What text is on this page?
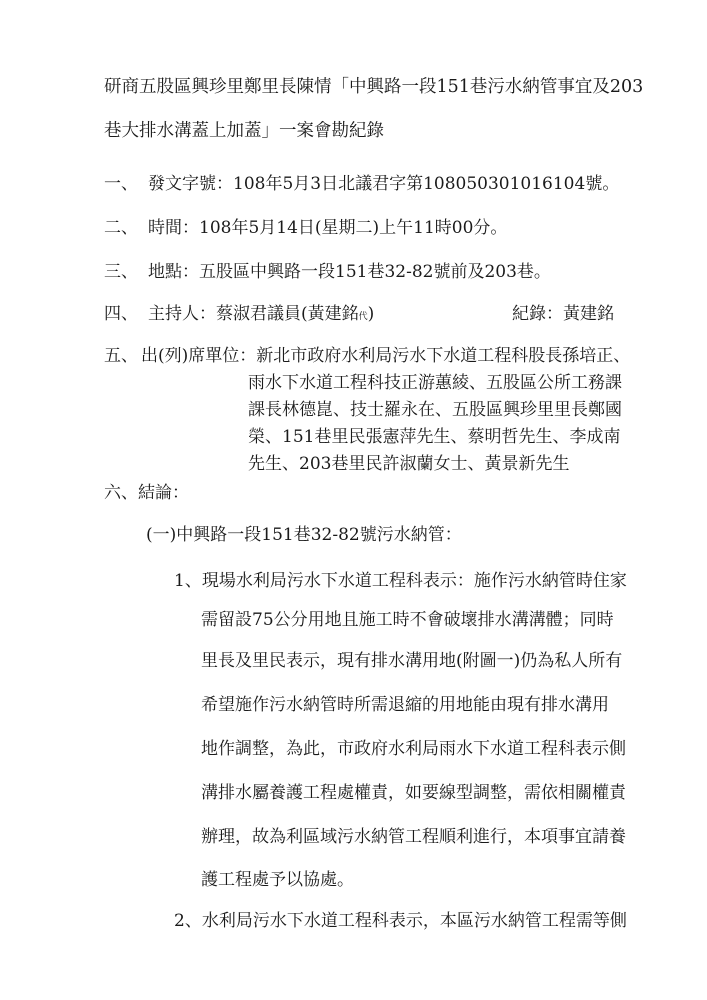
研商五股區興珍里鄭里長陳情「中興路一段151巷污水納管事宜及203
巷大排水溝蓋上加蓋」一案會勘紀錄
一、 發文字號：108年5月3日北議君字第108050301016104號。
二、 時間：108年5月14日(星期二)上午11時00分。
三、 地點：五股區中興路一段151巷32-82號前及203巷。
四、 主持人：蔡淑君議員(黃建銘代)	紀錄：黃建銘
五、 出(列)席單位：新北市政府水利局污水下水道工程科股長孫培正、
雨水下水道工程科技正游蕙綾、五股區公所工務課
課長林德崑、技士羅永在、五股區興珍里里長鄭國
榮、151巷里民張憲萍先生、蔡明哲先生、李成南
先生、203巷里民許淑蘭女士、黃景新先生
六、結論：
(一)中興路一段151巷32-82號污水納管：
1、現場水利局污水下水道工程科表示：施作污水納管時住家
需留設75公分用地且施工時不會破壞排水溝溝體；同時
里長及里民表示，現有排水溝用地(附圖一)仍為私人所有
希望施作污水納管時所需退縮的用地能由現有排水溝用
地作調整，為此，市政府水利局雨水下水道工程科表示側
溝排水屬養護工程處權責，如要線型調整，需依相關權責
辦理，故為利區域污水納管工程順利進行，本項事宜請養
護工程處予以協處。
2、水利局污水下水道工程科表示，本區污水納管工程需等側
